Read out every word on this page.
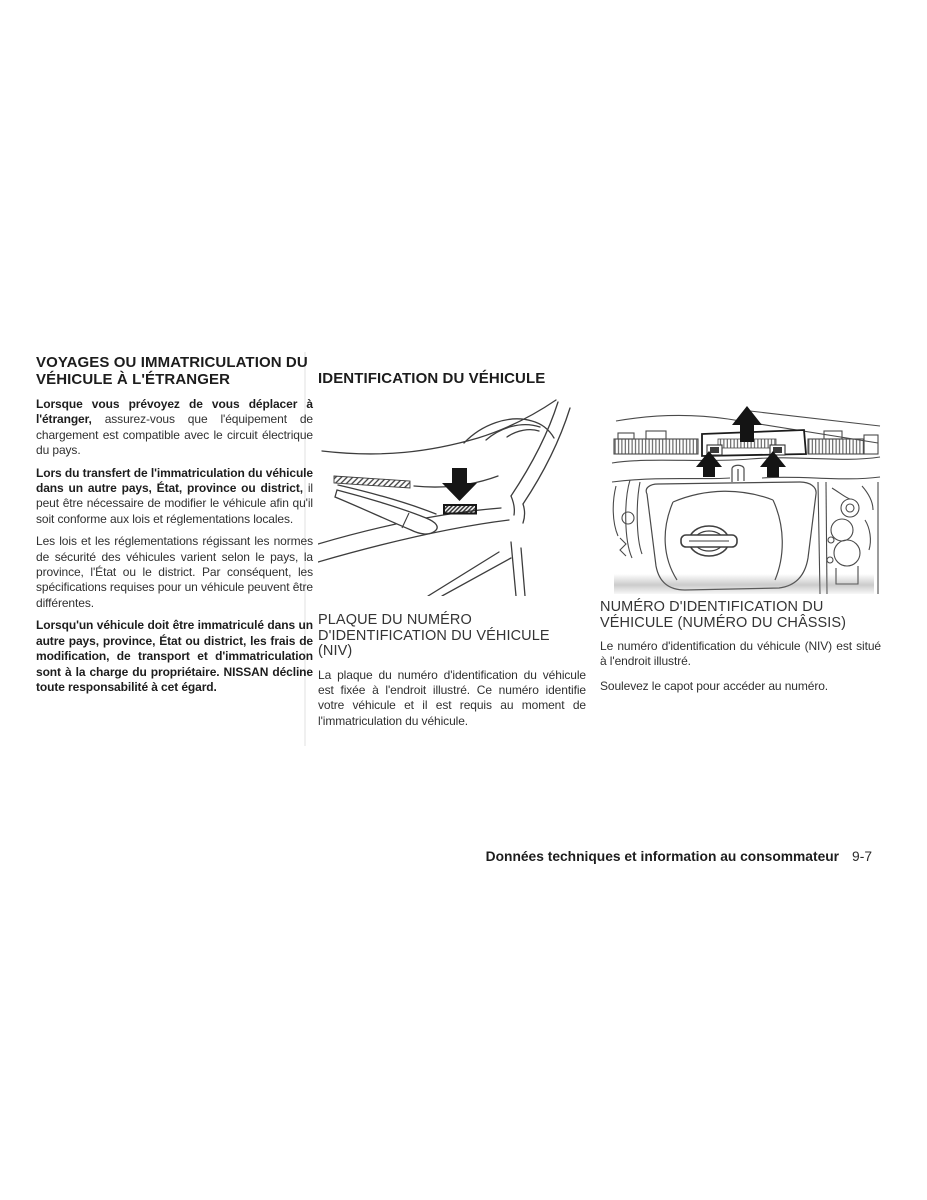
VOYAGES OU IMMATRICULATION DU VÉHICULE À L'ÉTRANGER

Lorsque vous prévoyez de vous déplacer à l'étranger, assurez-vous que l'équipement de chargement est compatible avec le circuit électrique du pays.

Lors du transfert de l'immatriculation du véhicule dans un autre pays, État, province ou district, il peut être nécessaire de modifier le véhicule afin qu'il soit conforme aux lois et réglementations locales.

Les lois et les réglementations régissant les normes de sécurité des véhicules varient selon le pays, la province, l'État ou le district. Par conséquent, les spécifications requises pour un véhicule peuvent être différentes.

Lorsqu'un véhicule doit être immatriculé dans un autre pays, province, État ou district, les frais de modification, de transport et d'immatriculation sont à la charge du propriétaire. NISSAN décline toute responsabilité à cet égard.

IDENTIFICATION DU VÉHICULE
PLAQUE DU NUMÉRO D'IDENTIFICATION DU VÉHICULE (NIV)

La plaque du numéro d'identification du véhicule est fixée à l'endroit illustré. Ce numéro identifie votre véhicule et il est requis au moment de l'immatriculation du véhicule.

NUMÉRO D'IDENTIFICATION DU VÉHICULE (NUMÉRO DU CHÂSSIS)

Le numéro d'identification du véhicule (NIV) est situé à l'endroit illustré.

Soulevez le capot pour accéder au numéro.

Données techniques et information au consommateur 9-7
